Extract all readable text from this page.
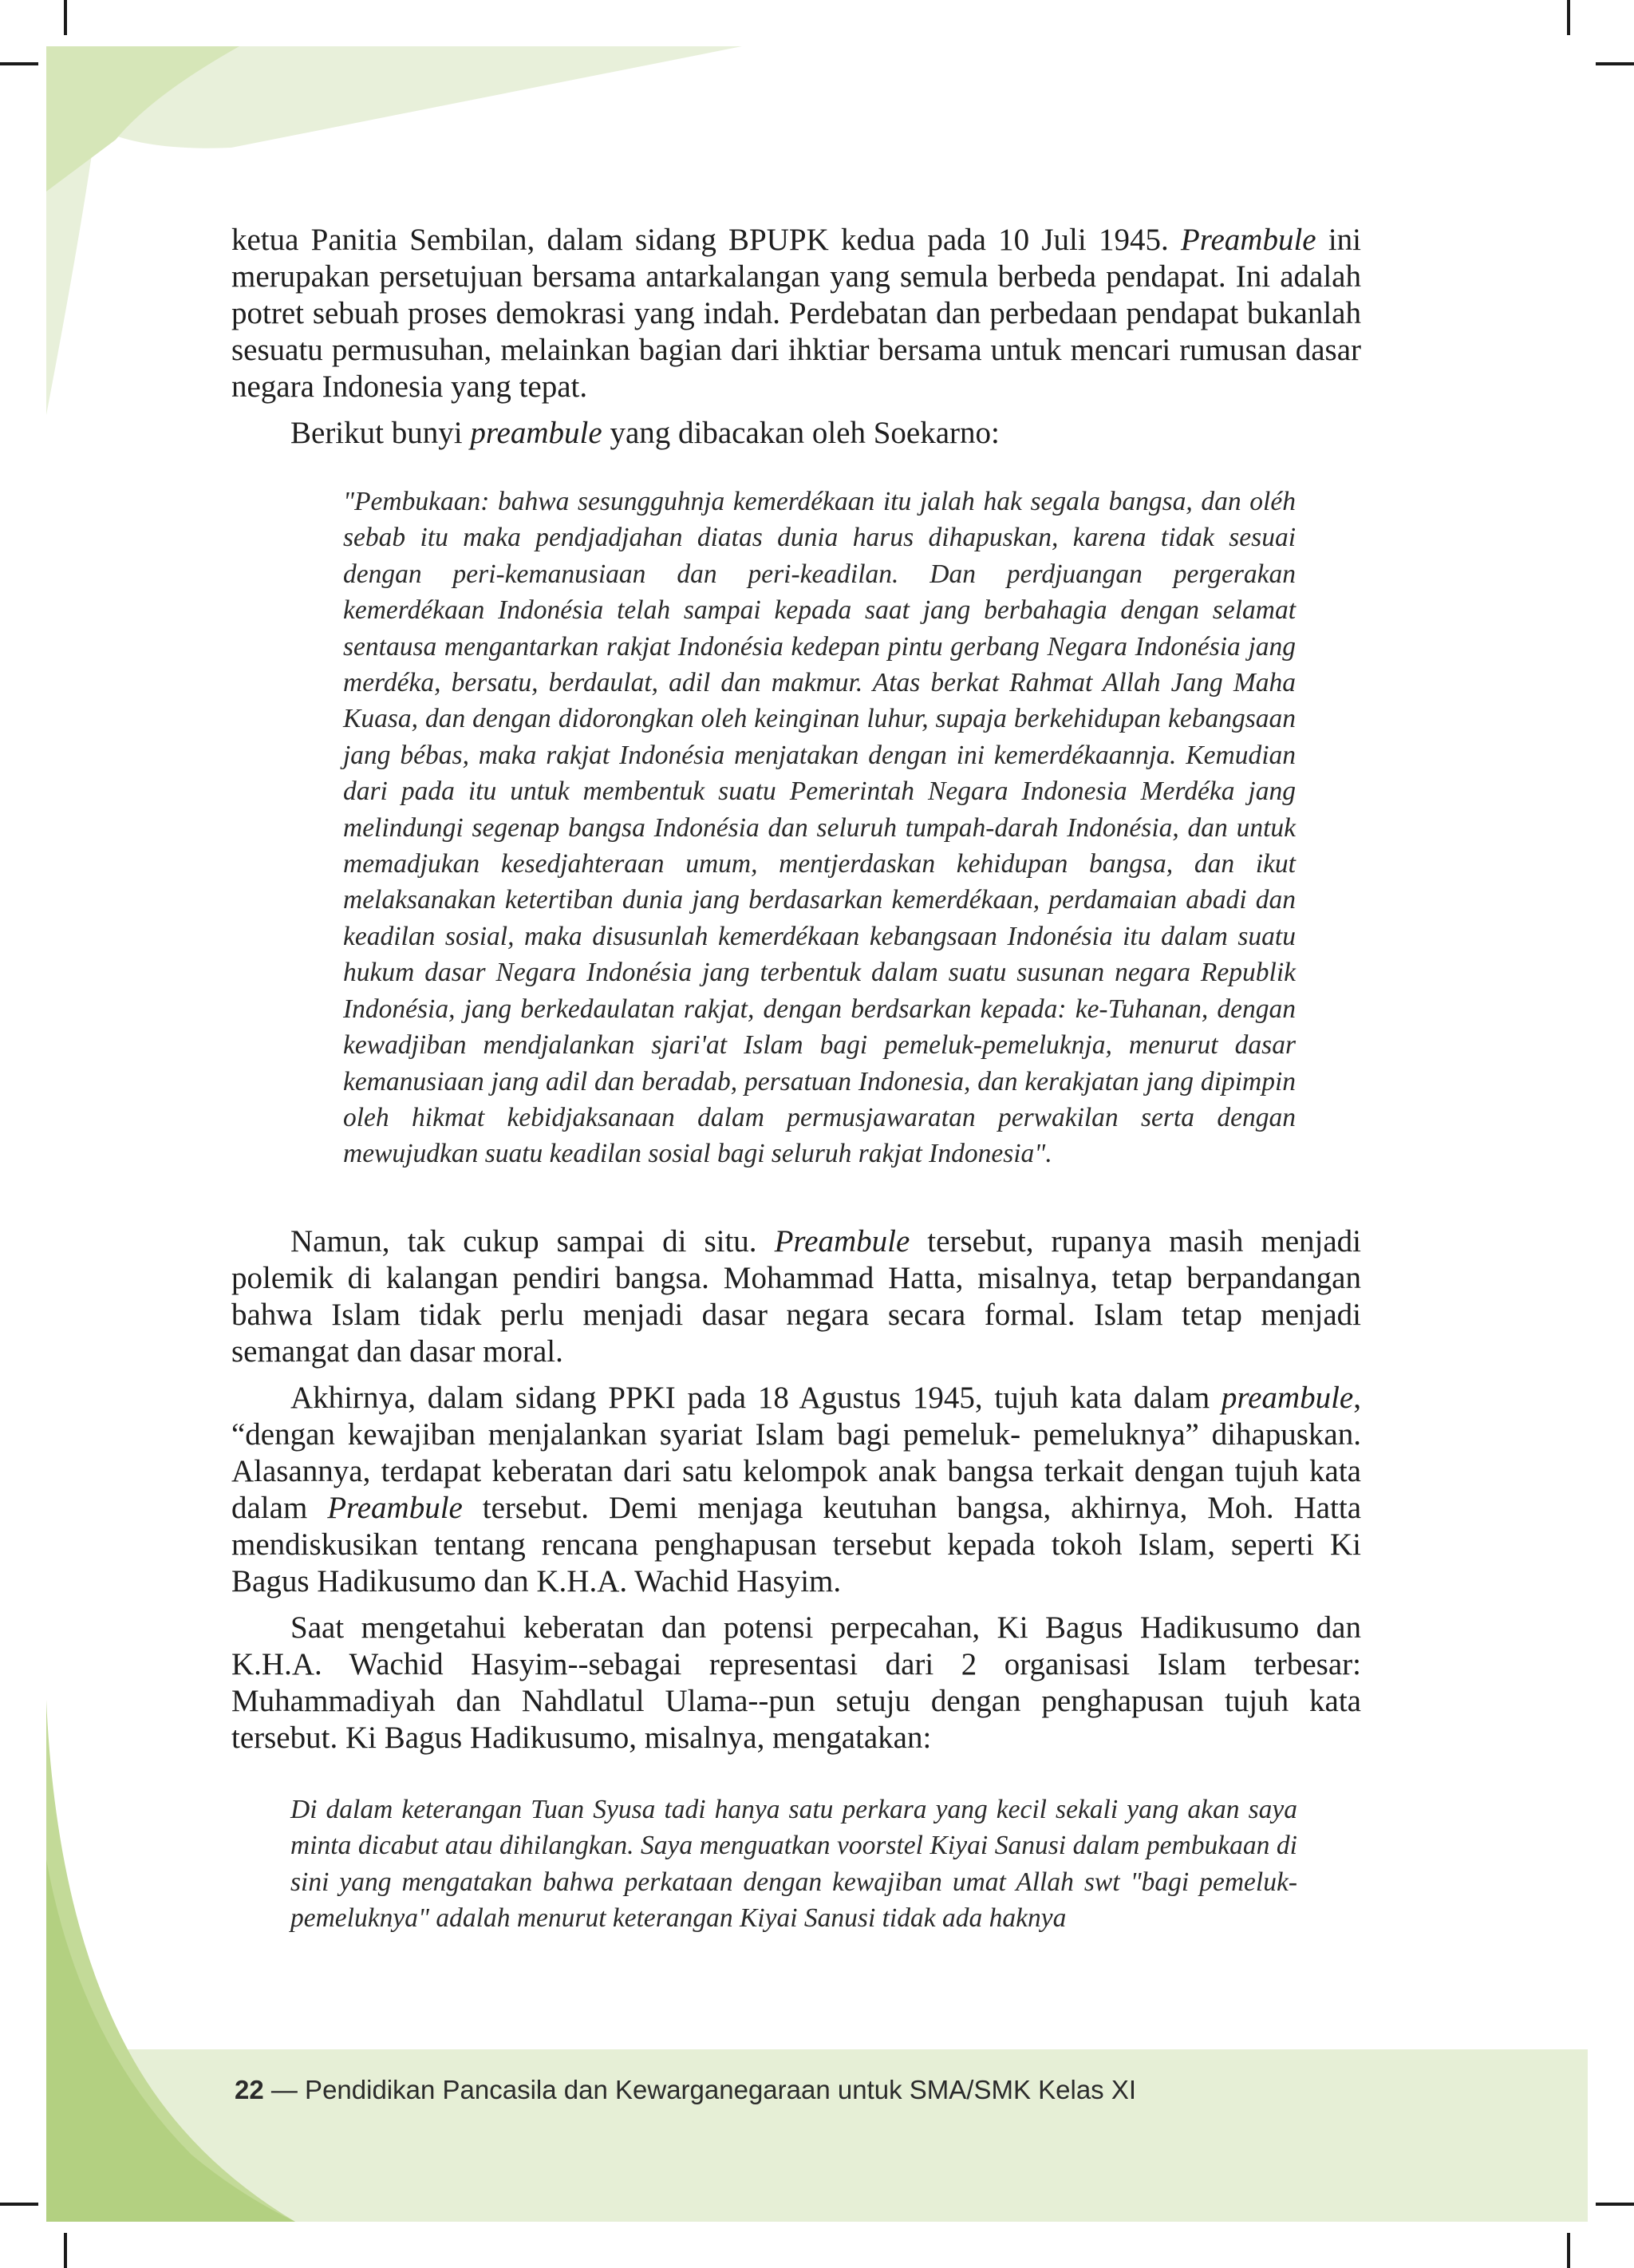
ketua Panitia Sembilan, dalam sidang BPUPK kedua pada 10 Juli 1945. Preambule ini merupakan persetujuan bersama antarkalangan yang semula berbeda pendapat. Ini adalah potret sebuah proses demokrasi yang indah. Perdebatan dan perbedaan pendapat bukanlah sesuatu permusuhan, melainkan bagian dari ihktiar bersama untuk mencari rumusan dasar negara Indonesia yang tepat.

Berikut bunyi preambule yang dibacakan oleh Soekarno:

"Pembukaan: bahwa sesungguhnja kemerdékaan itu jalah hak segala bangsa, dan oléh sebab itu maka pendjadjahan diatas dunia harus dihapuskan, karena tidak sesuai dengan peri-kemanusiaan dan peri-keadilan. Dan perdjuangan pergerakan kemerdékaan Indonésia telah sampai kepada saat jang berbahagia dengan selamat sentausa mengantarkan rakjat Indonésia kedepan pintu gerbang Negara Indonésia jang merdéka, bersatu, berdaulat, adil dan makmur. Atas berkat Rahmat Allah Jang Maha Kuasa, dan dengan didorongkan oleh keinginan luhur, supaja berkehidupan kebangsaan jang bébas, maka rakjat Indonésia menjatakan dengan ini kemerdékaannja. Kemudian dari pada itu untuk membentuk suatu Pemerintah Negara Indonesia Merdéka jang melindungi segenap bangsa Indonésia dan seluruh tumpah-darah Indonésia, dan untuk memadjukan kesedjahteraan umum, mentjerdaskan kehidupan bangsa, dan ikut melaksanakan ketertiban dunia jang berdasarkan kemerdékaan, perdamaian abadi dan keadilan sosial, maka disusunlah kemerdékaan kebangsaan Indonésia itu dalam suatu hukum dasar Negara Indonésia jang terbentuk dalam suatu susunan negara Republik Indonésia, jang berkedaulatan rakjat, dengan berdsarkan kepada: ke-Tuhanan, dengan kewadjiban mendjalankan sjari'at Islam bagi pemeluk-pemeluknja, menurut dasar kemanusiaan jang adil dan beradab, persatuan Indonesia, dan kerakjatan jang dipimpin oleh hikmat kebidjaksanaan dalam permusjawaratan perwakilan serta dengan mewujudkan suatu keadilan sosial bagi seluruh rakjat Indonesia".

Namun, tak cukup sampai di situ. Preambule tersebut, rupanya masih menjadi polemik di kalangan pendiri bangsa. Mohammad Hatta, misalnya, tetap berpandangan bahwa Islam tidak perlu menjadi dasar negara secara formal. Islam tetap menjadi semangat dan dasar moral.

Akhirnya, dalam sidang PPKI pada 18 Agustus 1945, tujuh kata dalam preambule, “dengan kewajiban menjalankan syariat Islam bagi pemeluk- pemeluknya” dihapuskan. Alasannya, terdapat keberatan dari satu kelompok anak bangsa terkait dengan tujuh kata dalam Preambule tersebut. Demi menjaga keutuhan bangsa, akhirnya, Moh. Hatta mendiskusikan tentang rencana penghapusan tersebut kepada tokoh Islam, seperti Ki Bagus Hadikusumo dan K.H.A. Wachid Hasyim.

Saat mengetahui keberatan dan potensi perpecahan, Ki Bagus Hadikusumo dan K.H.A. Wachid Hasyim--sebagai representasi dari 2 organisasi Islam terbesar: Muhammadiyah dan Nahdlatul Ulama--pun setuju dengan penghapusan tujuh kata tersebut. Ki Bagus Hadikusumo, misalnya, mengatakan:

Di dalam keterangan Tuan Syusa tadi hanya satu perkara yang kecil sekali yang akan saya minta dicabut atau dihilangkan. Saya menguatkan voorstel Kiyai Sanusi dalam pembukaan di sini yang mengatakan bahwa perkataan dengan kewajiban umat Allah swt "bagi pemeluk-pemeluknya" adalah menurut keterangan Kiyai Sanusi tidak ada haknya
22 — Pendidikan Pancasila dan Kewarganegaraan untuk SMA/SMK Kelas XI
